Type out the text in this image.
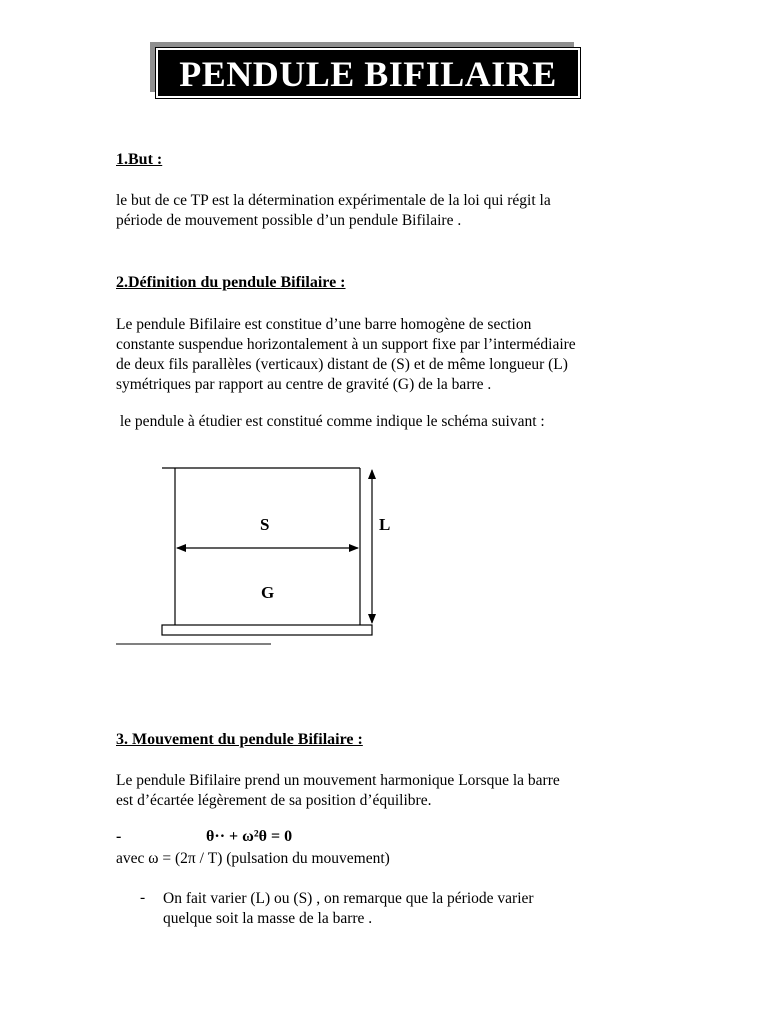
PENDULE BIFILAIRE

1.But :

le but de ce TP est la détermination expérimentale de la loi qui régit la

période de mouvement possible d’un pendule Bifilaire .

2.Définition du pendule Bifilaire :

Le pendule Bifilaire est constitue d’une barre homogène de section

constante suspendue horizontalement à un support fixe par l’intermédiaire

de deux fils parallèles (verticaux) distant de (S) et de même longueur (L)

symétriques par rapport au centre de gravité (G) de la barre .

le pendule à étudier est constitué comme indique le schéma suivant :

S	L
G

3. Mouvement du pendule Bifilaire :

Le pendule Bifilaire prend un mouvement harmonique Lorsque la barre

est d’écartée légèrement de sa position d’équilibre.

-	θ·· + ω²θ = 0

avec ω = (2π / T) (pulsation du mouvement)

- On fait varier (L) ou (S) , on remarque que la période varier

quelque soit la masse de la barre .
